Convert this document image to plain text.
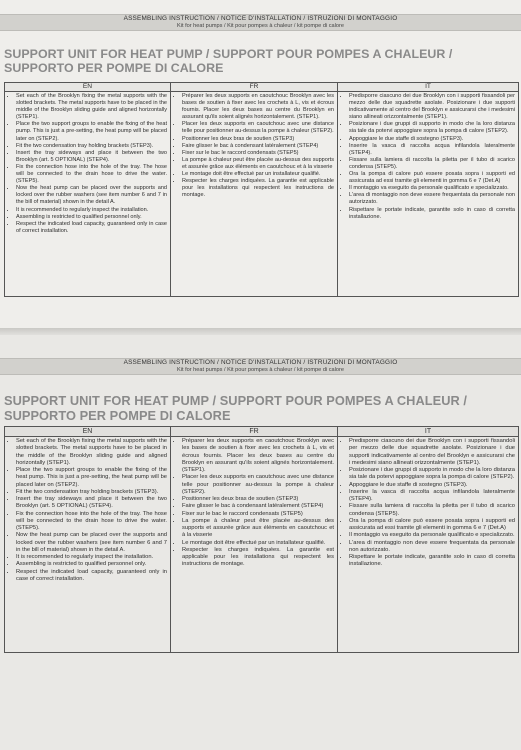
ASSEMBLING INSTRUCTION / NOTICE D'INSTALLATION / ISTRUZIONI DI MONTAGGIO
Kit for heat pumps / Kit pour pompes à chaleur / kit pompe di calore
SUPPORT UNIT FOR HEAT PUMP / SUPPORT POUR POMPES A CHALEUR / SUPPORTO PER POMPE DI CALORE
EN
• Set each of the Brooklyn fixing the metal supports with the slotted brackets. The metal supports have to be placed in the middle of the Brooklyn sliding guide and aligned horizontally (STEP1).
• Place the two support groups to enable the fixing of the heat pump. This is just a pre-setting, the heat pump will be placed later on (STEP2).
• Fit the two condensation tray holding brackets (STEP3).
• Insert the tray sideways and place it between the two Brooklyn (art. 5 OPTIONAL) (STEP4).
• Fix the connection hose into the hole of the tray. The hose will be connected to the drain hose to drive the water. (STEP5).
• Now the heat pump can be placed over the supports and locked over the rubber washers (see item number 6 and 7 in the bill of material) shown in the detail A.
• It is recommended to regularly inspect the installation.
• Assembling is restricted to qualified personnel only.
• Respect the indicated load capacity, guaranteed only in case of correct installation.
FR
• Préparer les deux supports en caoutchouc Brooklyn avec les bases de soutien à fixer avec les crochets à L, vis et écrous fournis. Placer les deux bases au centre du Brooklyn en assurant qu'ils soient alignés horizontalement. (STEP1).
• Placer les deux supports en caoutchouc avec une distance telle pour positionner au-dessus la pompe à chaleur (STEP2).
• Positionner les deux bras de soutien (STEP3)
• Faire glisser le bac à condensant latéralement (STEP4)
• Fixer sur le bac le raccord condensats (STEP5)
• La pompe à chaleur peut être placée au-dessus des supports et assurée grâce aux éléments en caoutchouc et à la visserie
• Le montage doit être effectué par un installateur qualifié.
• Respecter les charges indiquées. La garantie est applicable pour les installations qui respectent les instructions de montage.
IT
• Predisporre ciascuno dei due Brooklyn con i supporti fissandoli per mezzo delle due squadrette asolate. Posizionare i due supporti indicativamente al centro del Brooklyn e assicurarsi che i medesimi siano allineati orizzontalmente (STEP1).
• Posizionare i due gruppi di supporto in modo che la loro distanza sia tale da potervi appoggiare sopra la pompa di calore (STEP2).
• Appoggiare le due staffe di sostegno (STEP3).
• Inserire la vasca di raccolta acqua infilandola lateralmente (STEP4).
• Fissare sulla lamiera di raccolta la piletta per il tubo di scarico condensa (STEP5).
• Ora la pompa di calore può essere posata sopra i supporti ed assicurata ad essi tramite gli elementi in gomma 6 e 7 (Det.A)
• Il montaggio va eseguito da personale qualificato e specializzato.
• L'area di montaggio non deve essere frequentata da personale non autorizzato.
• Rispettare le portate indicate, garantite solo in caso di corretta installazione.
ASSEMBLING INSTRUCTION / NOTICE D'INSTALLATION / ISTRUZIONI DI MONTAGGIO
Kit for heat pumps / Kit pour pompes à chaleur / kit pompe di calore
SUPPORT UNIT FOR HEAT PUMP / SUPPORT POUR POMPES A CHALEUR / SUPPORTO PER POMPE DI CALORE
EN
• Set each of the Brooklyn fixing the metal supports with the slotted brackets. The metal supports have to be placed in the middle of the Brooklyn sliding guide and aligned horizontally (STEP1).
• Place the two support groups to enable the fixing of the heat pump. This is just a pre-setting, the heat pump will be placed later on (STEP2).
• Fit the two condensation tray holding brackets (STEP3).
• Insert the tray sideways and place it between the two Brooklyn (art. 5 OPTIONAL) (STEP4).
• Fix the connection hose into the hole of the tray. The hose will be connected to the drain hose to drive the water. (STEP5).
• Now the heat pump can be placed over the supports and locked over the rubber washers (see item number 6 and 7 in the bill of material) shown in the detail A.
• It is recommended to regularly inspect the installation.
• Assembling is restricted to qualified personnel only.
• Respect the indicated load capacity, guaranteed only in case of correct installation.
FR
• Préparer les deux supports en caoutchouc Brooklyn avec les bases de soutien à fixer avec les crochets à L, vis et écrous fournis. Placer les deux bases au centre du Brooklyn en assurant qu'ils soient alignés horizontalement. (STEP1).
• Placer les deux supports en caoutchouc avec une distance telle pour positionner au-dessus la pompe à chaleur (STEP2).
• Positionner les deux bras de soutien (STEP3)
• Faire glisser le bac à condensant latéralement (STEP4)
• Fixer sur le bac le raccord condensats (STEP5)
• La pompe à chaleur peut être placée au-dessus des supports et assurée grâce aux éléments en caoutchouc et à la visserie
• Le montage doit être effectué par un installateur qualifié.
• Respecter les charges indiquées. La garantie est applicable pour les installations qui respectent les instructions de montage.
IT
• Predisporre ciascuno dei due Brooklyn con i supporti fissandoli per mezzo delle due squadrette asolate. Posizionare i due supporti indicativamente al centro del Brooklyn e assicurarsi che i medesimi siano allineati orizzontalmente (STEP1).
• Posizionare i due gruppi di supporto in modo che la loro distanza sia tale da potervi appoggiare sopra la pompa di calore (STEP2).
• Appoggiare le due staffe di sostegno (STEP3).
• Inserire la vasca di raccolta acqua infilandola lateralmente (STEP4).
• Fissare sulla lamiera di raccolta la piletta per il tubo di scarico condensa (STEP5).
• Ora la pompa di calore può essere posata sopra i supporti ed assicurata ad essi tramite gli elementi in gomma 6 e 7 (Det.A)
• Il montaggio va eseguito da personale qualificato e specializzato.
• L'area di montaggio non deve essere frequentata da personale non autorizzato.
• Rispettare le portate indicate, garantite solo in caso di corretta installazione.
